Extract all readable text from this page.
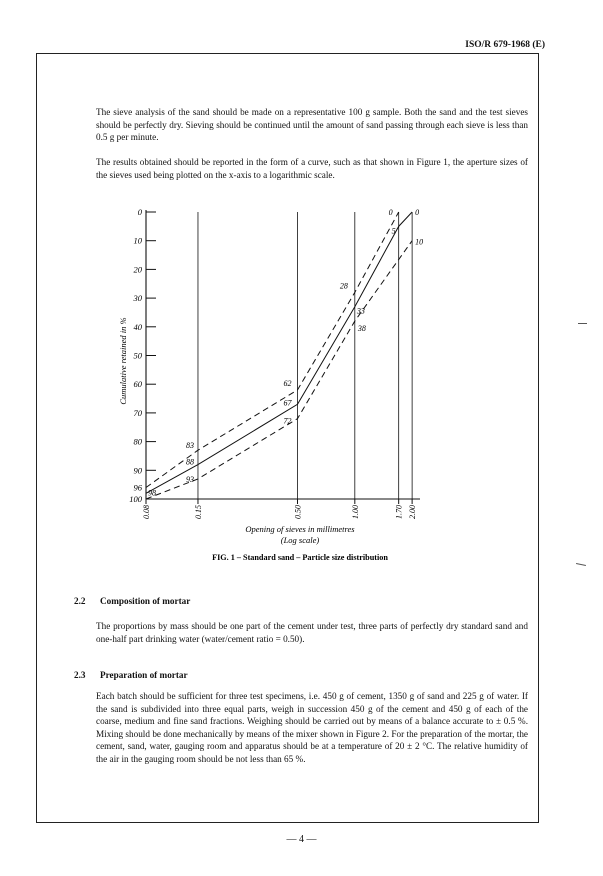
ISO/R 679-1968 (E)

The sieve analysis of the sand should be made on a representative 100 g sample. Both the sand and the test sieves should be perfectly dry. Sieving should be continued until the amount of sand passing through each sieve is less than 0.5 g per minute.

The results obtained should be reported in the form of a curve, such as that shown in Figure 1, the aperture sizes of the sieves used being plotted on the x-axis to a logarithmic scale.

0
10
20
30
40
50
60
70
80
90
96
100
0.08	0.15	0.50	1.00	1.70 2.00
83
88
93
98
62
67
72
28
33
38
0
5
0
10
Cumulative retained in %
Opening of sieves in millimetres
(Log scale)
FIG. 1 – Standard sand – Particle size distribution
2.2 Composition of mortar

The proportions by mass should be one part of the cement under test, three parts of perfectly dry standard sand and one-half part drinking water (water/cement ratio = 0.50).

2.3 Preparation of mortar

Each batch should be sufficient for three test specimens, i.e. 450 g of cement, 1350 g of sand and 225 g of water. If the sand is subdivided into three equal parts, weigh in succession 450 g of the cement and 450 g of each of the coarse, medium and fine sand fractions. Weighing should be carried out by means of a balance accurate to ± 0.5 %. Mixing should be done mechanically by means of the mixer shown in Figure 2. For the preparation of the mortar, the cement, sand, water, gauging room and apparatus should be at a temperature of 20 ± 2 °C. The relative humidity of the air in the gauging room should be not less than 65 %.

— 4 —
